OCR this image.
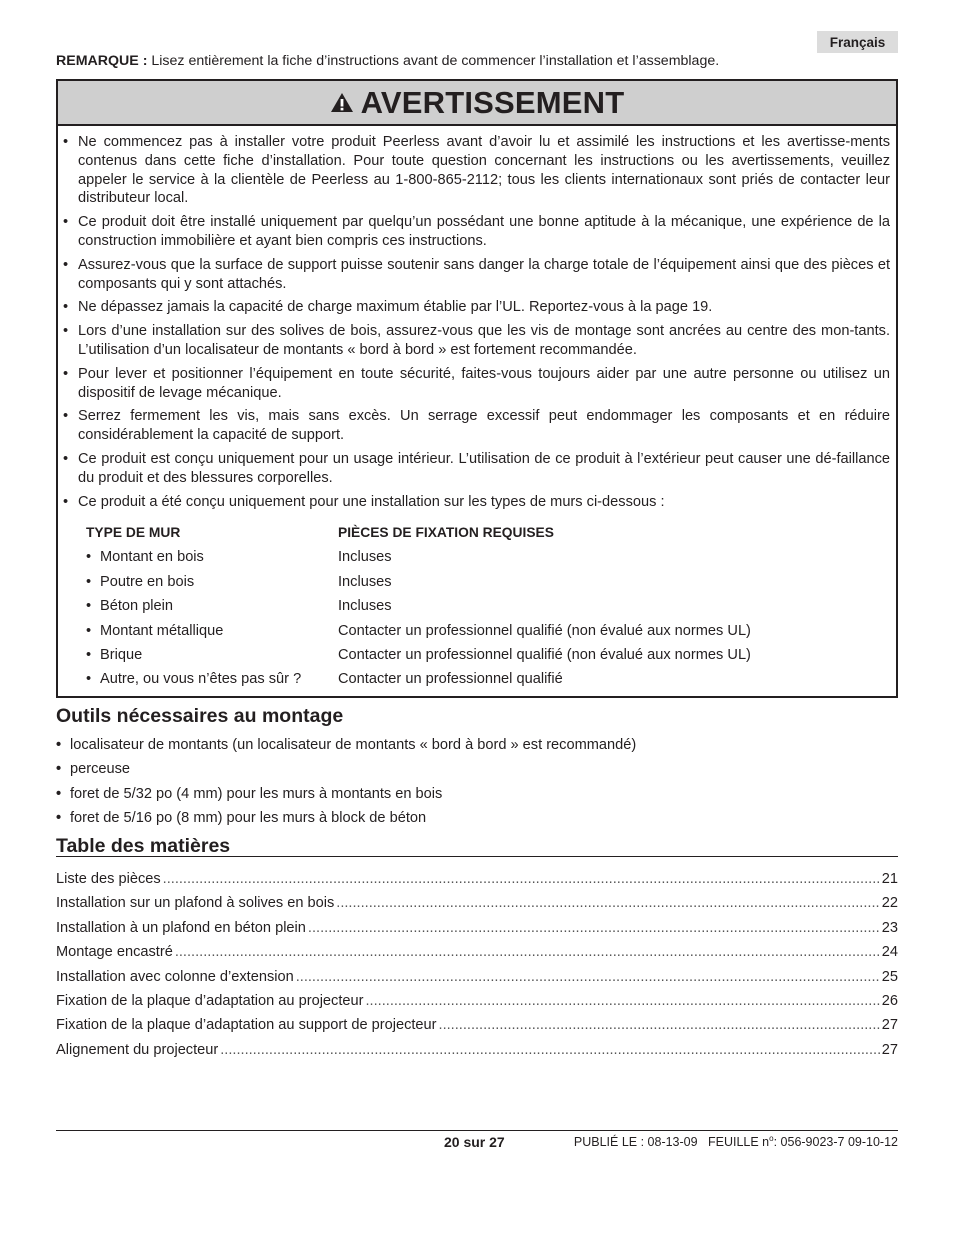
Français
REMARQUE : Lisez entièrement la fiche d’instructions avant de commencer l’installation et l’assemblage.
AVERTISSEMENT
• Ne commencez pas à installer votre produit Peerless avant d’avoir lu et assimilé les instructions et les avertisse-ments contenus dans cette fiche d’installation. Pour toute question concernant les instructions ou les avertissements, veuillez appeler le service à la clientèle de Peerless au 1-800-865-2112; tous les clients internationaux sont priés de contacter leur distributeur local.
• Ce produit doit être installé uniquement par quelqu’un possédant une bonne aptitude à la mécanique, une expérience de la construction immobilière et ayant bien compris ces instructions.
• Assurez-vous que la surface de support puisse soutenir sans danger la charge totale de l’équipement ainsi que des pièces et composants qui y sont attachés.
• Ne dépassez jamais la capacité de charge maximum établie par l’UL. Reportez-vous à la page 19.
• Lors d’une installation sur des solives de bois, assurez-vous que les vis de montage sont ancrées au centre des mon-tants. L’utilisation d’un localisateur de montants « bord à bord » est fortement recommandée.
• Pour lever et positionner l’équipement en toute sécurité, faites-vous toujours aider par une autre personne ou utilisez un dispositif de levage mécanique.
• Serrez fermement les vis, mais sans excès. Un serrage excessif peut endommager les composants et en réduire considérablement la capacité de support.
• Ce produit est conçu uniquement pour un usage intérieur. L’utilisation de ce produit à l’extérieur peut causer une dé-faillance du produit et des blessures corporelles.
• Ce produit a été conçu uniquement pour une installation sur les types de murs ci-dessous :
TYPE DE MUR	PIÈCES DE FIXATION REQUISES
• Montant en bois	Incluses
• Poutre en bois	Incluses
• Béton plein	Incluses
• Montant métallique	Contacter un professionnel qualifié (non évalué aux normes UL)
• Brique	Contacter un professionnel qualifié (non évalué aux normes UL)
• Autre, ou vous n’êtes pas sûr ?	Contacter un professionnel qualifié
Outils nécessaires au montage
• localisateur de montants (un localisateur de montants « bord à bord » est recommandé)
• perceuse
• foret de 5/32 po (4 mm) pour les murs à montants en bois
• foret de 5/16 po (8 mm) pour les murs à block de béton
Table des matières
Liste des pièces .....	21
Installation sur un plafond à solives en bois .....	22
Installation à un plafond en béton plein .....	23
Montage encastré .....	24
Installation avec colonne d’extension .....	25
Fixation de la plaque d’adaptation au projecteur .....	26
Fixation de la plaque d’adaptation au support de projecteur .....	27
Alignement du projecteur .....	27
20 sur 27	PUBLIÉ LE : 08-13-09 FEUILLE $n^o$: 056-9023-7 09-10-12
